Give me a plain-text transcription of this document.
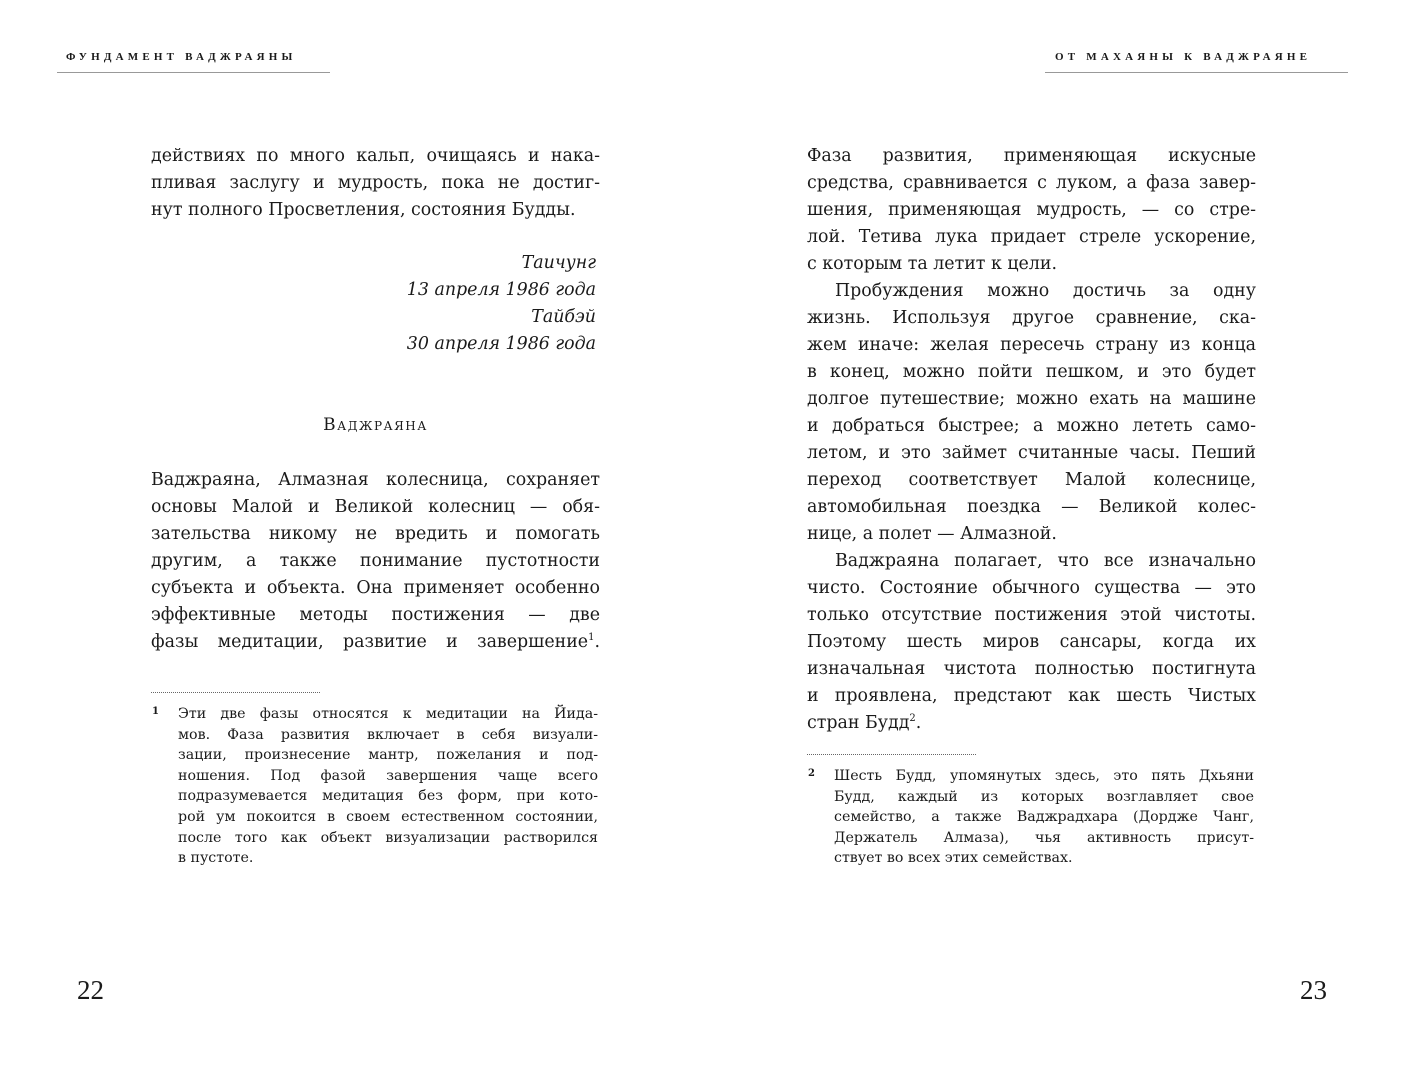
ФУНДАМЕНТ ВАДЖРАЯНЫ
действиях по много кальп, очищаясь и нака-
пливая заслугу и мудрость, пока не достиг-
нут полного Просветления, состояния Будды.
Таичунг
13 апреля 1986 года
Тайбэй
30 апреля 1986 года
Ваджраяна
Ваджраяна, Алмазная колесница, сохраняет
основы Малой и Великой колесниц — обя-
зательства никому не вредить и помогать
другим, а также понимание пустотности
субъекта и объекта. Она применяет особенно
эффективные методы постижения — две
фазы медитации, развитие и завершение$^1$.
1 Эти две фазы относятся к медитации на Йида-
мов. Фаза развития включает в себя визуали-
зации, произнесение мантр, пожелания и под-
ношения. Под фазой завершения чаще всего
подразумевается медитация без форм, при кото-
рой ум покоится в своем естественном состоянии,
после того как объект визуализации растворился
в пустоте.
22
ОТ МАХАЯНЫ К ВАДЖРАЯНЕ
Фаза развития, применяющая искусные
средства, сравнивается с луком, а фаза завер-
шения, применяющая мудрость, — со стре-
лой. Тетива лука придает стреле ускорение,
с которым та летит к цели.
Пробуждения можно достичь за одну
жизнь. Используя другое сравнение, ска-
жем иначе: желая пересечь страну из конца
в конец, можно пойти пешком, и это будет
долгое путешествие; можно ехать на машине
и добраться быстрее; а можно лететь само-
летом, и это займет считанные часы. Пеший
переход соответствует Малой колеснице,
автомобильная поездка — Великой колес-
нице, а полет — Алмазной.
Ваджраяна полагает, что все изначально
чисто. Состояние обычного существа — это
только отсутствие постижения этой чистоты.
Поэтому шесть миров сансары, когда их
изначальная чистота полностью постигнута
и проявлена, предстают как шесть Чистых
стран Будд$^2$.
2 Шесть Будд, упомянутых здесь, это пять Дхьяни
Будд, каждый из которых возглавляет свое
семейство, а также Ваджрадхара (Дордже Чанг,
Держатель Алмаза), чья активность присут-
ствует во всех этих семействах.
23
